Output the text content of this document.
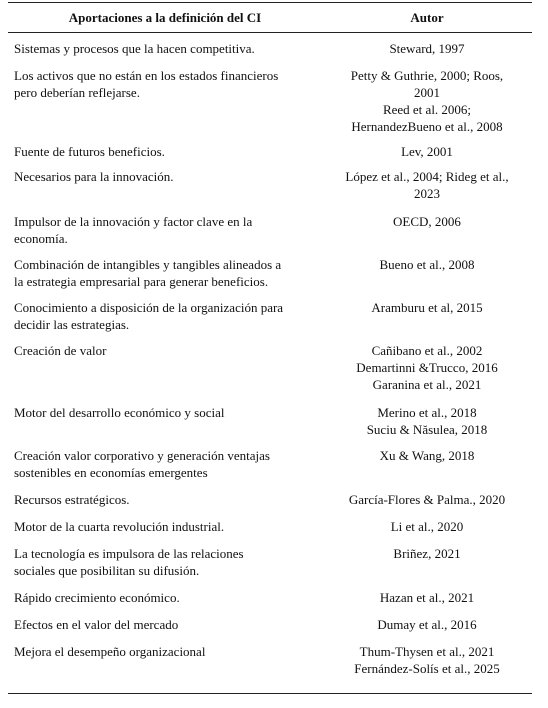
Aportaciones a la definición del CI	Autor

Sistemas y procesos que la hacen competitiva.	Steward, 1997

Los activos que no están en los estados financieros
pero deberían reflejarse.	Petty & Guthrie, 2000; Roos,
2001
Reed et al. 2006;
HernandezBueno et al., 2008

Fuente de futuros beneficios.	Lev, 2001

Necesarios para la innovación.	López et al., 2004; Rideg et al.,
2023

Impulsor de la innovación y factor clave en la
economía.	OECD, 2006

Combinación de intangibles y tangibles alineados a
la estrategia empresarial para generar beneficios.	Bueno et al., 2008

Conocimiento a disposición de la organización para
decidir las estrategias.	Aramburu et al, 2015

Creación de valor	Cañibano et al., 2002
Demartinni &Trucco, 2016
Garanina et al., 2021

Motor del desarrollo económico y social	Merino et al., 2018
Suciu & Năsulea, 2018

Creación valor corporativo y generación ventajas
sostenibles en economías emergentes	Xu & Wang, 2018

Recursos estratégicos.	García-Flores & Palma., 2020

Motor de la cuarta revolución industrial.	Li et al., 2020

La tecnología es impulsora de las relaciones
sociales que posibilitan su difusión.	Briñez, 2021

Rápido crecimiento económico.	Hazan et al., 2021

Efectos en el valor del mercado	Dumay et al., 2016

Mejora el desempeño organizacional	Thum-Thysen et al., 2021
Fernández-Solís et al., 2025
